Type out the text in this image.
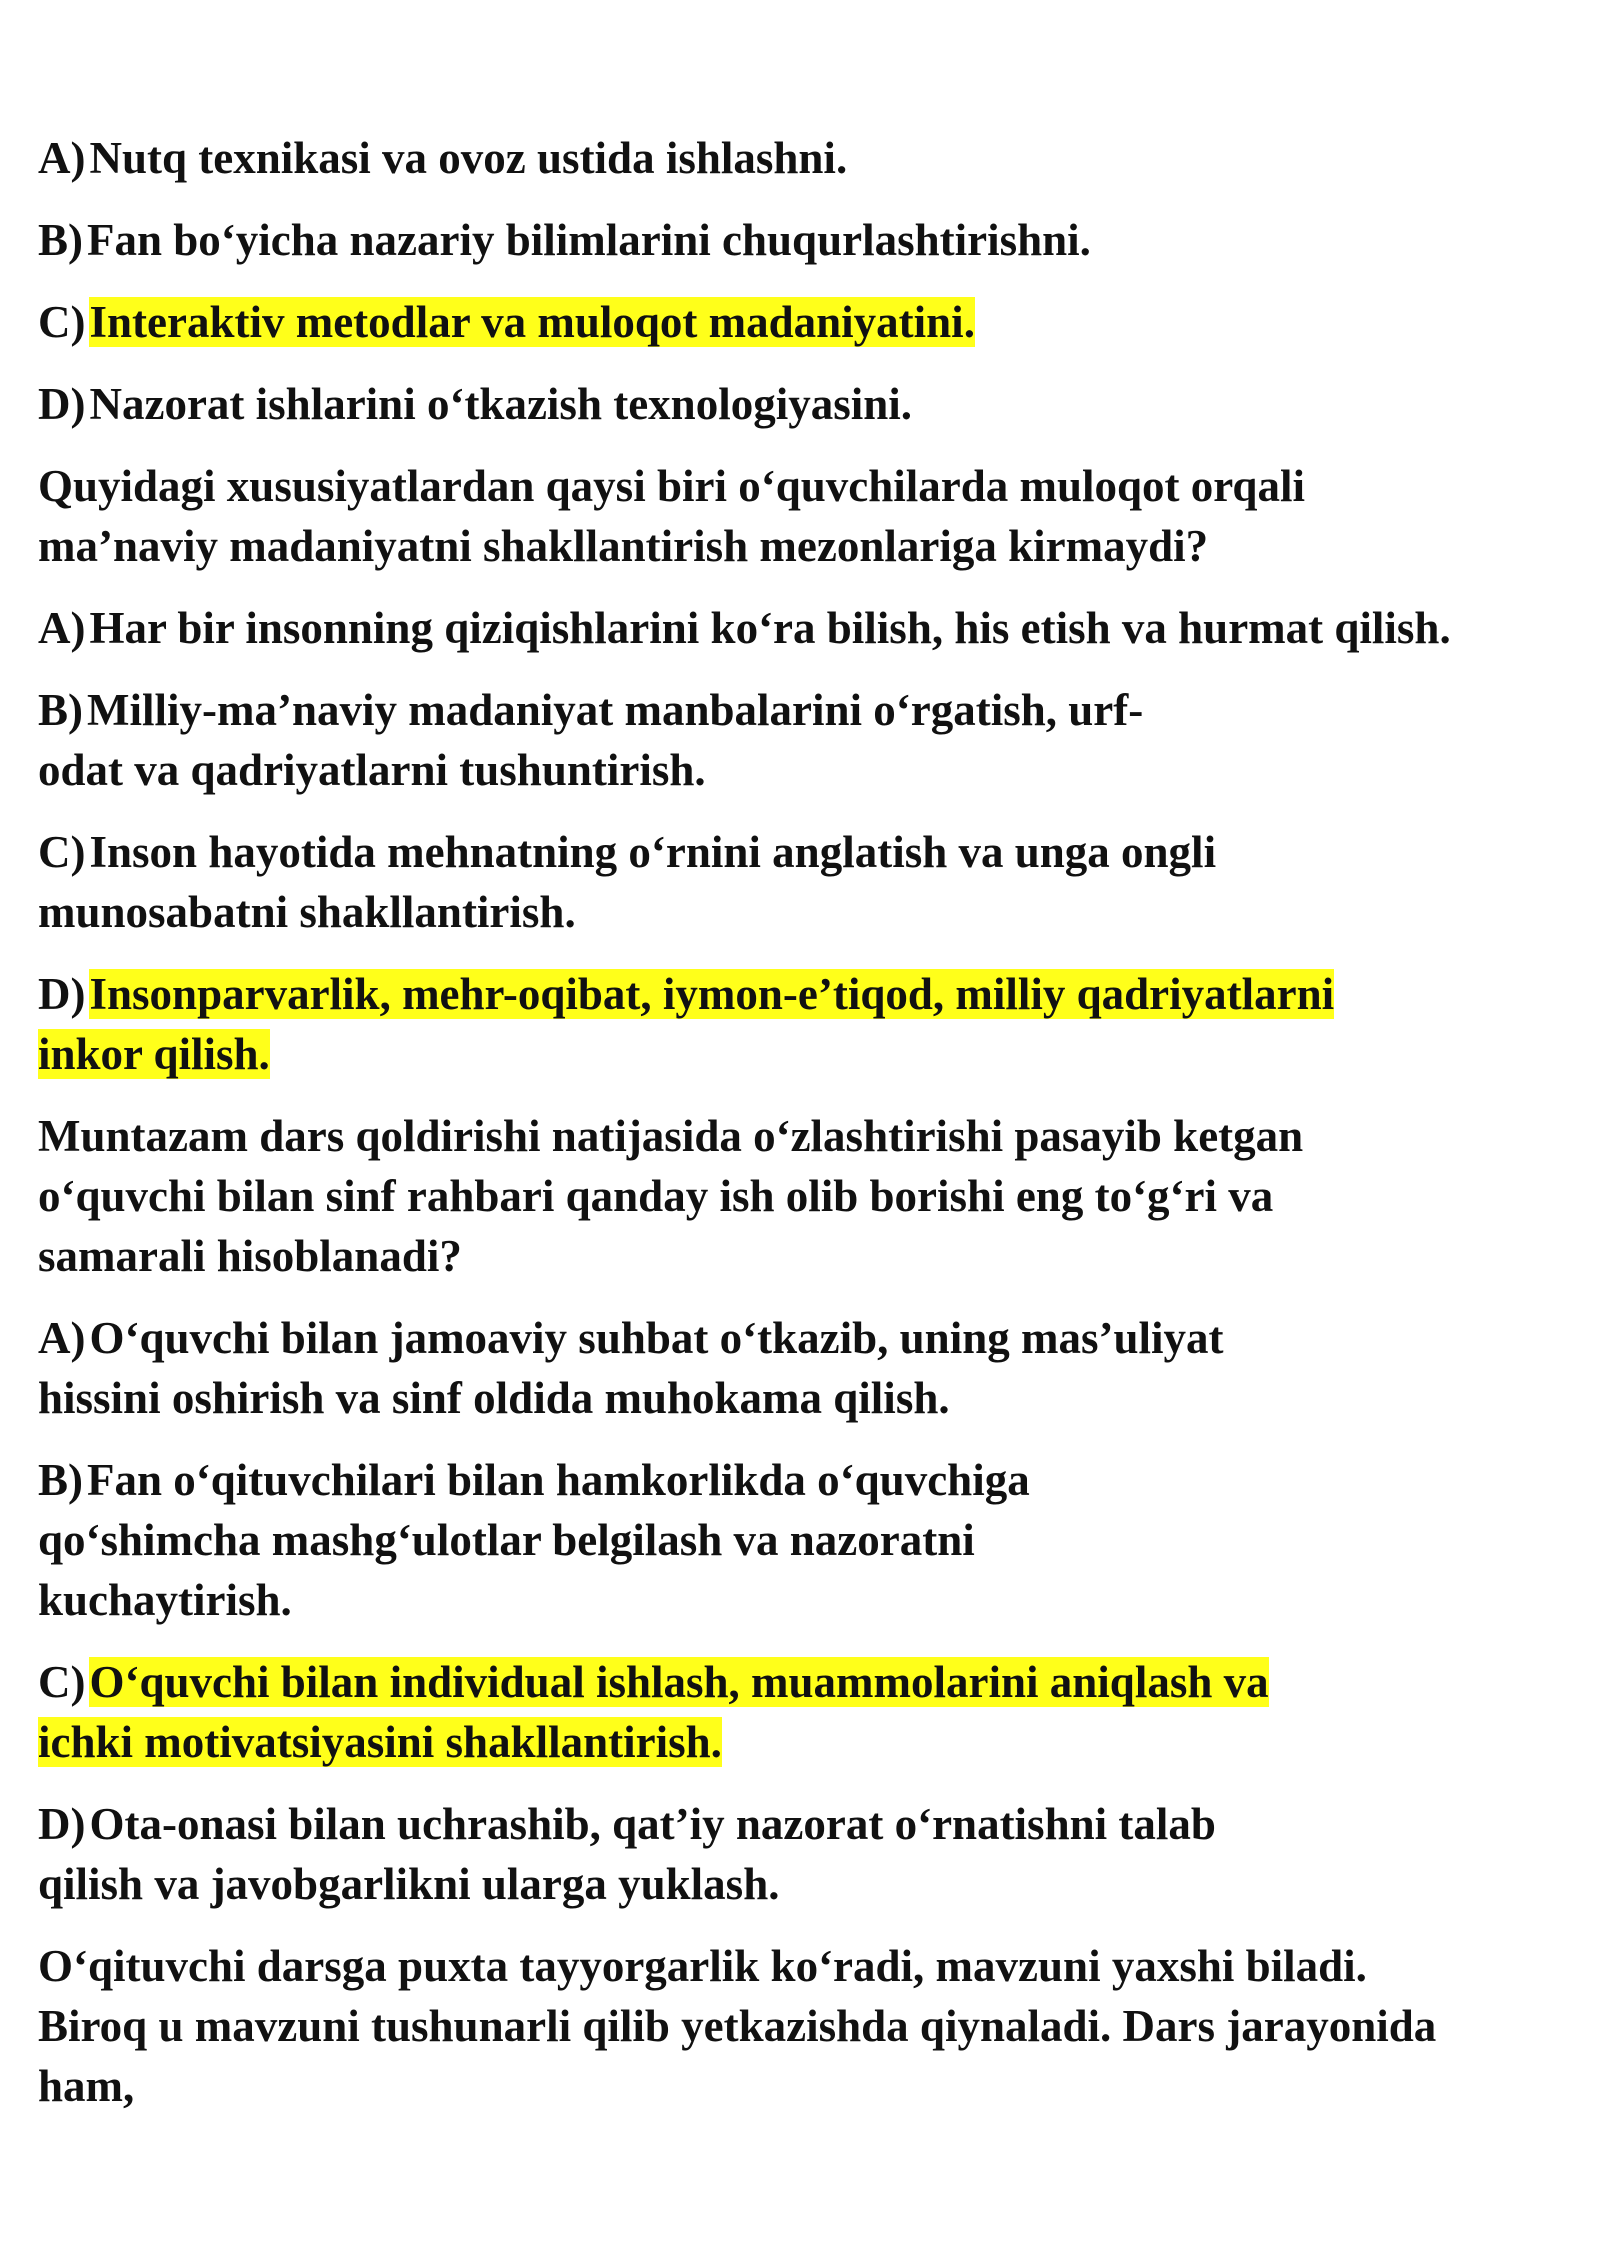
A)Nutq texnikasi va ovoz ustida ishlashni.
B)Fan bo‘yicha nazariy bilimlarini chuqurlashtirishni.
C)Interaktiv metodlar va muloqot madaniyatini.
D)Nazorat ishlarini o‘tkazish texnologiyasini.
Quyidagi xususiyatlardan qaysi biri o‘quvchilarda muloqot orqali
ma’naviy madaniyatni shakllantirish mezonlariga kirmaydi?
A)Har bir insonning qiziqishlarini ko‘ra bilish, his etish va hurmat qilish.
B)Milliy-ma’naviy madaniyat manbalarini o‘rgatish, urf-
odat va qadriyatlarni tushuntirish.
C)Inson hayotida mehnatning o‘rnini anglatish va unga ongli
munosabatni shakllantirish.
D)Insonparvarlik, mehr-oqibat, iymon-e’tiqod, milliy qadriyatlarni
inkor qilish.
Muntazam dars qoldirishi natijasida o‘zlashtirishi pasayib ketgan
o‘quvchi bilan sinf rahbari qanday ish olib borishi eng to‘g‘ri va
samarali hisoblanadi?
A)O‘quvchi bilan jamoaviy suhbat o‘tkazib, uning mas’uliyat
hissini oshirish va sinf oldida muhokama qilish.
B)Fan o‘qituvchilari bilan hamkorlikda o‘quvchiga
qo‘shimcha mashg‘ulotlar belgilash va nazoratni
kuchaytirish.
C)O‘quvchi bilan individual ishlash, muammolarini aniqlash va
ichki motivatsiyasini shakllantirish.
D)Ota-onasi bilan uchrashib, qat’iy nazorat o‘rnatishni talab
qilish va javobgarlikni ularga yuklash.
O‘qituvchi darsga puxta tayyorgarlik ko‘radi, mavzuni yaxshi biladi.
Biroq u mavzuni tushunarli qilib yetkazishda qiynaladi. Dars jarayonida
ham,
